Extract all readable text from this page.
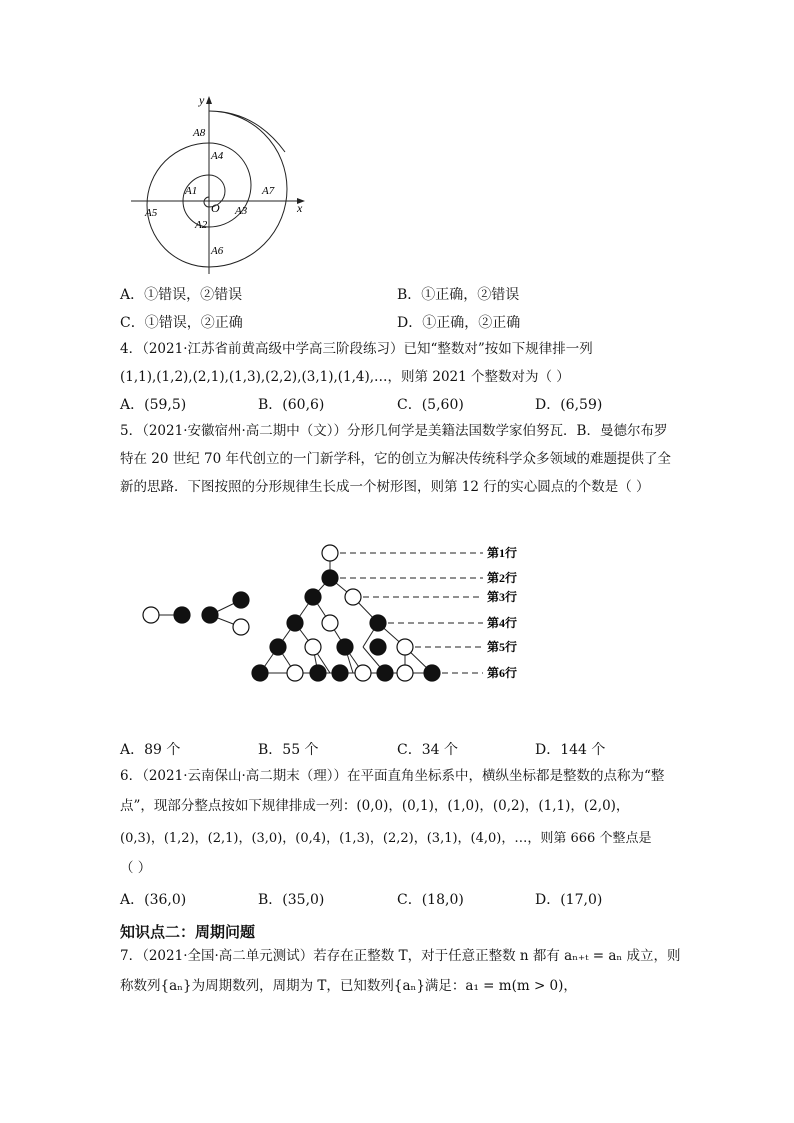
x
y
O
A8
A4
A1	A7
A5	A3
A2
A6
A．①错误，②错误	B．①正确，②错误
C．①错误，②正确	D．①正确，②正确
4．（2021·江苏省前黄高级中学高三阶段练习）已知“整数对”按如下规律排一列
(1,1),(1,2),(2,1),(1,3),(2,2),(3,1),(1,4),…，则第 2021 个整数对为（ ）
A．(59,5)	B．(60,6)	C．(5,60)	D．(6,59)
5．（2021·安徽宿州·高二期中（文））分形几何学是美籍法国数学家伯努瓦．B．曼德尔布罗
特在 20 世纪 70 年代创立的一门新学科，它的创立为解决传统科学众多领域的难题提供了全
新的思路．下图按照的分形规律生长成一个树形图，则第 12 行的实心圆点的个数是（ ）
第1行
第2行
第3行
第4行
第5行
第6行
A．89 个	B．55 个	C．34 个	D．144 个
6．（2021·云南保山·高二期末（理））在平面直角坐标系中，横纵坐标都是整数的点称为“整
点”，现部分整点按如下规律排成一列：(0,0)，(0,1)，(1,0)，(0,2)，(1,1)，(2,0)，
(0,3)，(1,2)，(2,1)，(3,0)，(0,4)，(1,3)，(2,2)，(3,1)，(4,0)，…，则第 666 个整点是
（ ）
A．(36,0)	B．(35,0)	C．(18,0)	D．(17,0)
知识点二：周期问题
7．（2021·全国·高二单元测试）若存在正整数 T，对于任意正整数 n 都有 aₙ₊ₜ = aₙ 成立，则
称数列{aₙ}为周期数列，周期为 T，已知数列{aₙ}满足：a₁ = m(m > 0)，
